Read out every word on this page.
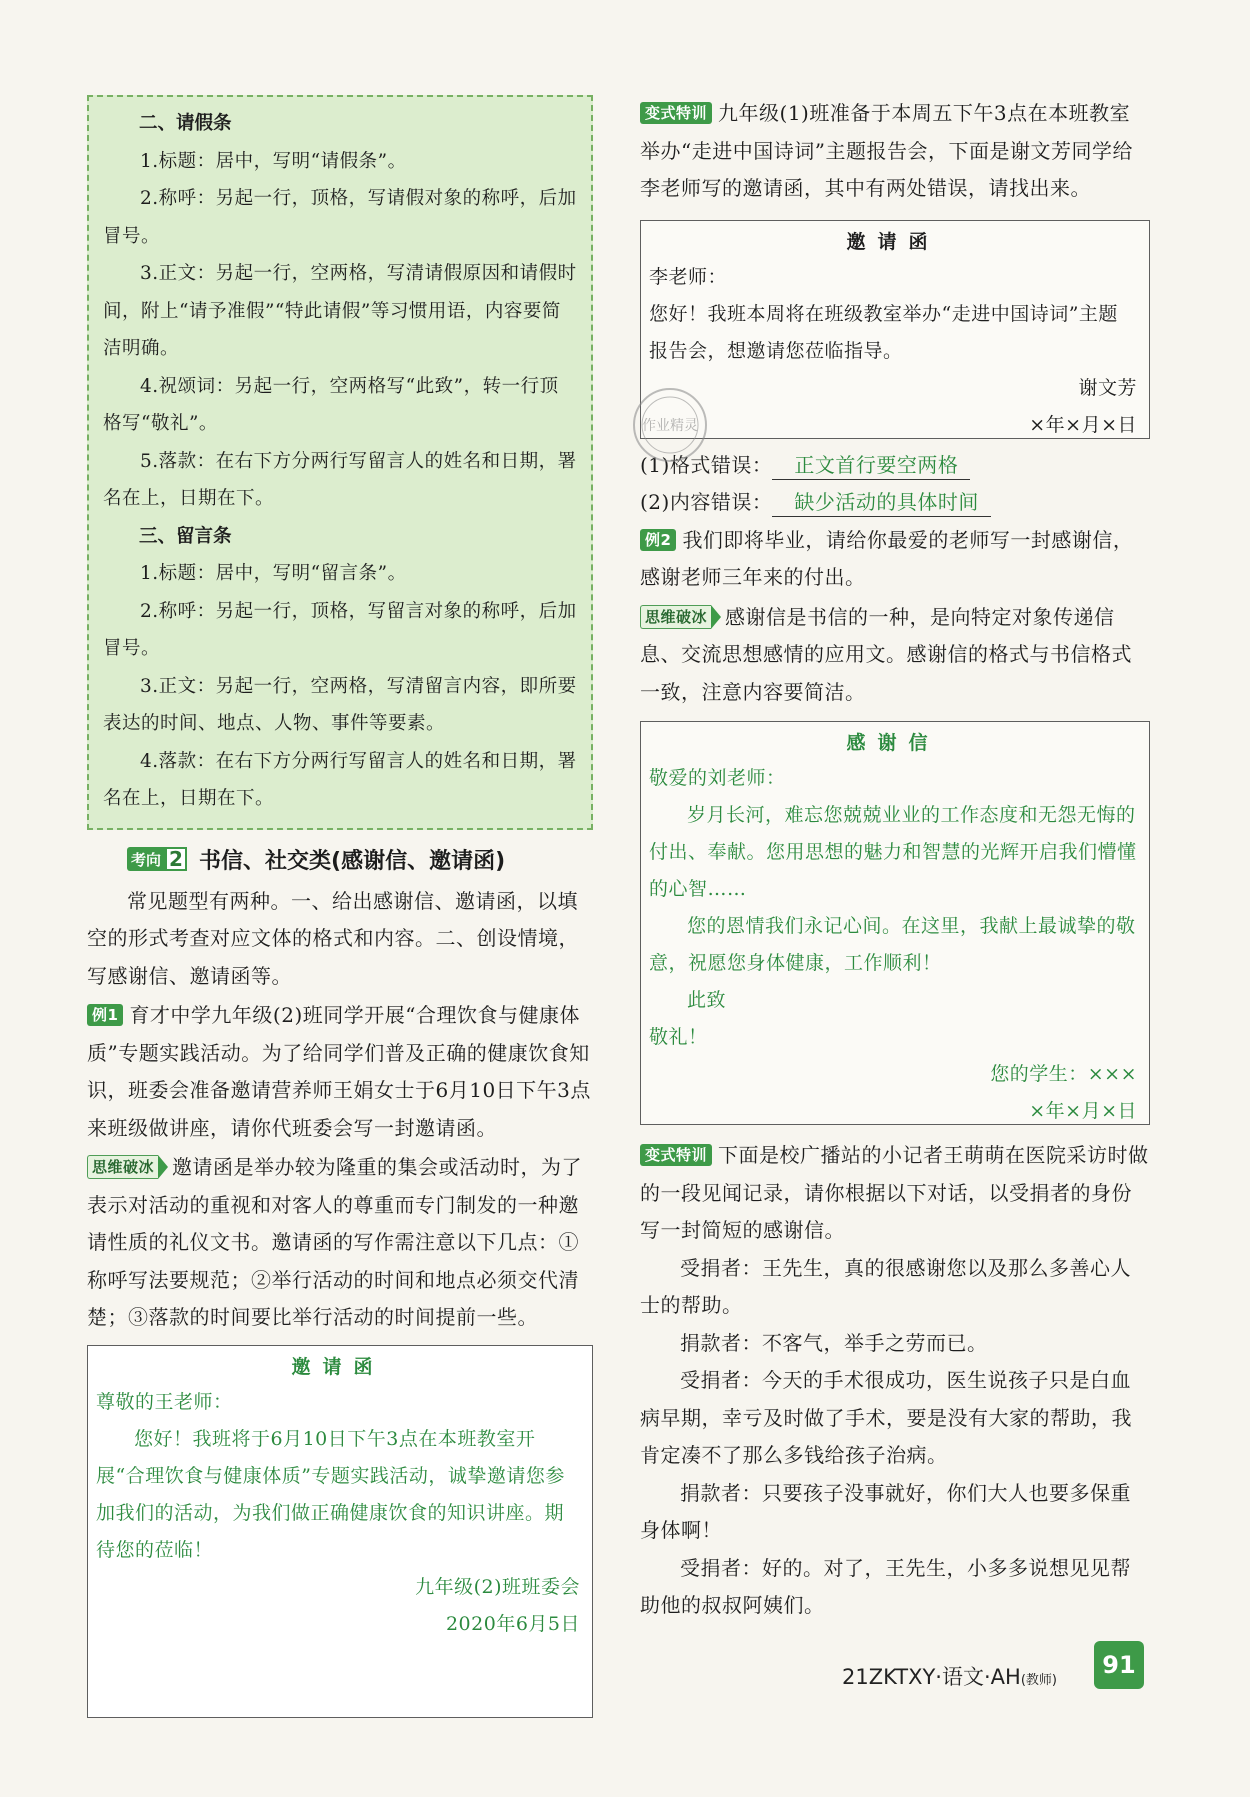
二、请假条

1.标题：居中，写明“请假条”。

2.称呼：另起一行，顶格，写请假对象的称呼，后加冒号。

3.正文：另起一行，空两格，写清请假原因和请假时间，附上“请予准假”“特此请假”等习惯用语，内容要简洁明确。

4.祝颂词：另起一行，空两格写“此致”，转一行顶格写“敬礼”。

5.落款：在右下方分两行写留言人的姓名和日期，署名在上，日期在下。

三、留言条

1.标题：居中，写明“留言条”。

2.称呼：另起一行，顶格，写留言对象的称呼，后加冒号。

3.正文：另起一行，空两格，写清留言内容，即所要表达的时间、地点、人物、事件等要素。

4.落款：在右下方分两行写留言人的姓名和日期，署名在上，日期在下。

考向 2 书信、社交类(感谢信、邀请函)

常见题型有两种。一、给出感谢信、邀请函，以填空的形式考查对应文体的格式和内容。二、创设情境，写感谢信、邀请函等。

例1 育才中学九年级(2)班同学开展“合理饮食与健康体质”专题实践活动。为了给同学们普及正确的健康饮食知识，班委会准备邀请营养师王娟女士于6月10日下午3点来班级做讲座，请你代班委会写一封邀请函。

思维破冰 邀请函是举办较为隆重的集会或活动时，为了表示对活动的重视和对客人的尊重而专门制发的一种邀请性质的礼仪文书。邀请函的写作需注意以下几点：①称呼写法要规范；②举行活动的时间和地点必须交代清楚；③落款的时间要比举行活动的时间提前一些。

邀请函

尊敬的王老师：

您好！我班将于6月10日下午3点在本班教室开展“合理饮食与健康体质”专题实践活动，诚挚邀请您参加我们的活动，为我们做正确健康饮食的知识讲座。期待您的莅临！

九年级(2)班班委会

2020年6月5日

变式特训 九年级(1)班准备于本周五下午3点在本班教室举办“走进中国诗词”主题报告会，下面是谢文芳同学给李老师写的邀请函，其中有两处错误，请找出来。

邀请函

李老师：

您好！我班本周将在班级教室举办“走进中国诗词”主题报告会，想邀请您莅临指导。

谢文芳

×年×月×日

(1)格式错误： 正文首行要空两格

(2)内容错误： 缺少活动的具体时间

例2 我们即将毕业，请给你最爱的老师写一封感谢信，感谢老师三年来的付出。

思维破冰 感谢信是书信的一种，是向特定对象传递信息、交流思想感情的应用文。感谢信的格式与书信格式一致，注意内容要简洁。

感谢信

敬爱的刘老师：

岁月长河，难忘您兢兢业业的工作态度和无怨无悔的付出、奉献。您用思想的魅力和智慧的光辉开启我们懵懂的心智……

您的恩情我们永记心间。在这里，我献上最诚挚的敬意，祝愿您身体健康，工作顺利！

此致

敬礼！

您的学生：×××

×年×月×日

变式特训 下面是校广播站的小记者王萌萌在医院采访时做的一段见闻记录，请你根据以下对话，以受捐者的身份写一封简短的感谢信。

受捐者：王先生，真的很感谢您以及那么多善心人士的帮助。

捐款者：不客气，举手之劳而已。

受捐者：今天的手术很成功，医生说孩子只是白血病早期，幸亏及时做了手术，要是没有大家的帮助，我肯定凑不了那么多钱给孩子治病。

捐款者：只要孩子没事就好，你们大人也要多保重身体啊！

受捐者：好的。对了，王先生，小多多说想见见帮助他的叔叔阿姨们。

作业精灵
21ZKTXY·语文·AH(教师)
91
